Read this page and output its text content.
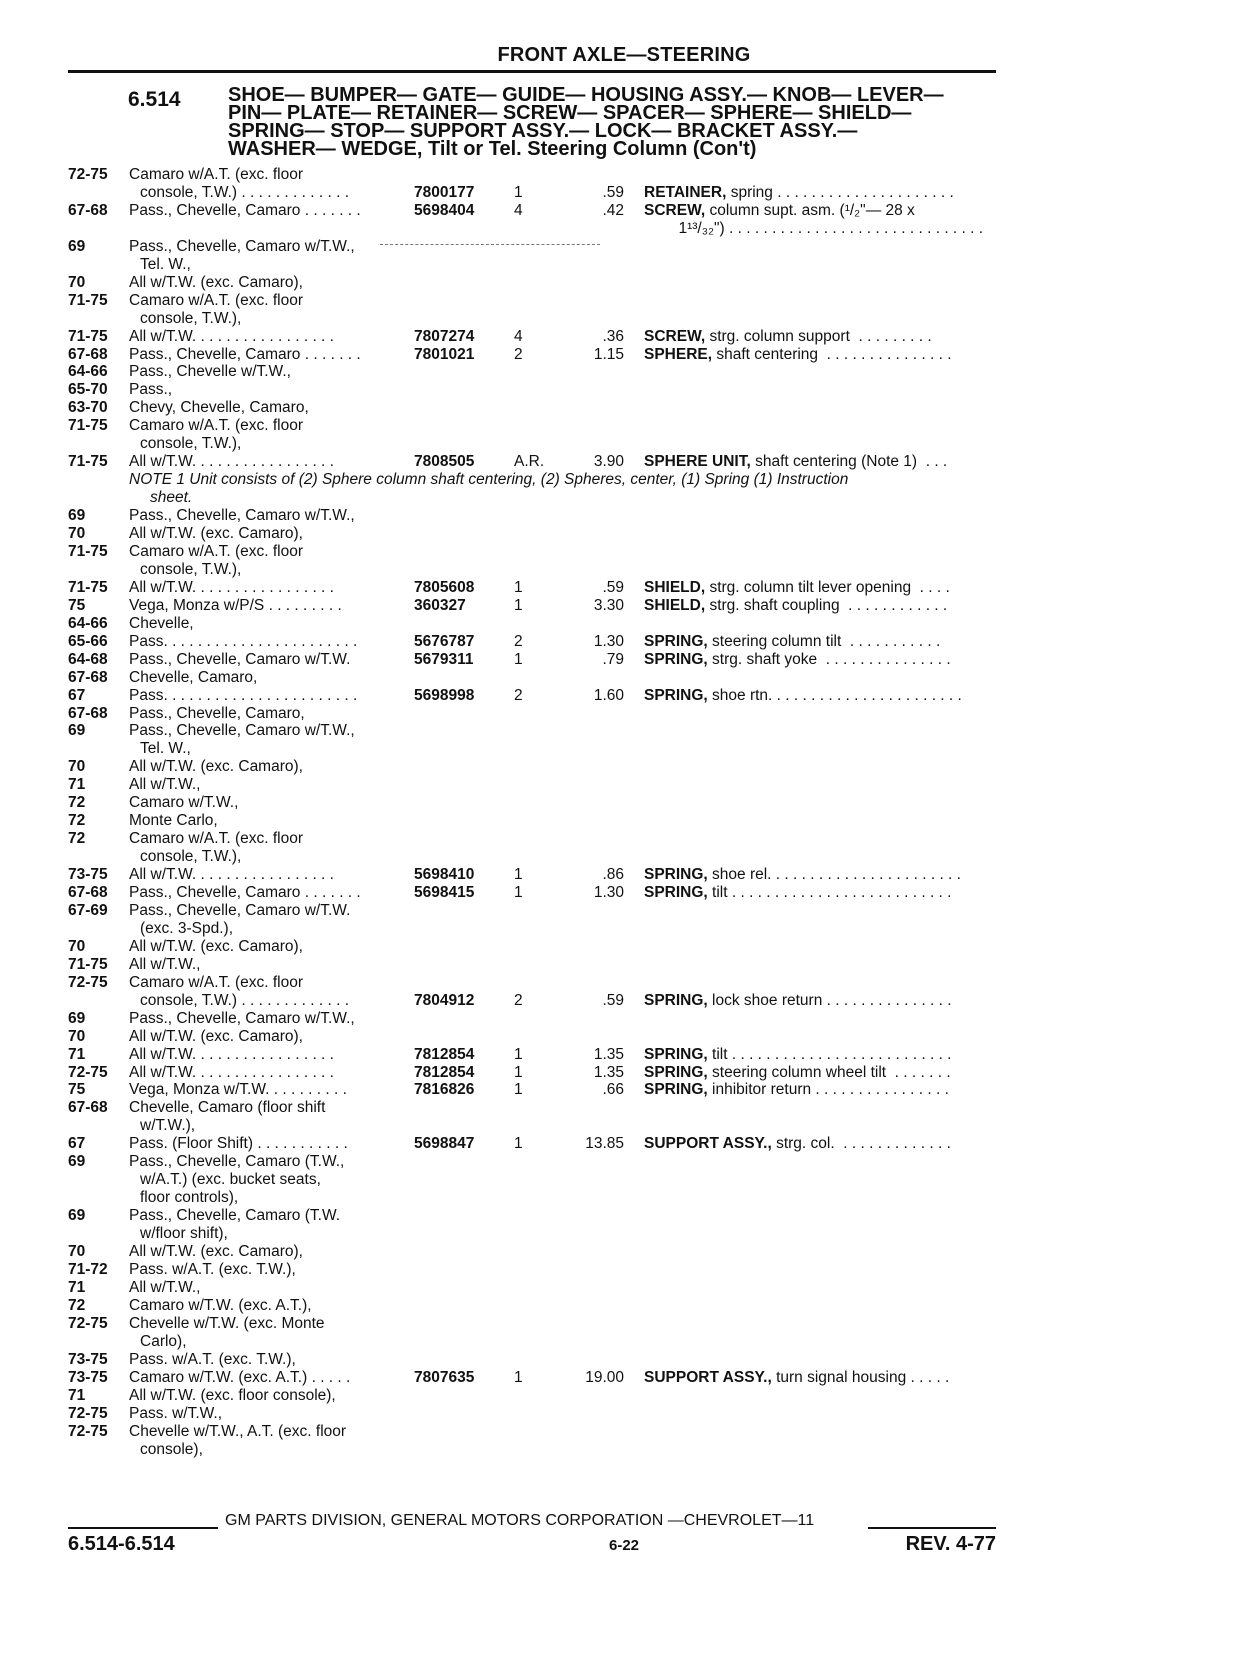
FRONT AXLE—STEERING
6.514 SHOE— BUMPER— GATE— GUIDE— HOUSING ASSY.— KNOB— LEVER—
PIN— PLATE— RETAINER— SCREW— SPACER— SPHERE— SHIELD—
SPRING— STOP— SUPPORT ASSY.— LOCK— BRACKET ASSY.—
WASHER— WEDGE, Tilt or Tel. Steering Column (Con't)
72-75	Camaro w/A.T. (exc. floor
console, T.W.) . . . . . . . . . . . . .	7800177	1	.59 RETAINER, spring . . . . . . . . . . . . . . . . . . . . .
67-68	Pass., Chevelle, Camaro . . . . . . .	5698404	4	.42 SCREW, column supt. asm. (¹/₂"— 28 x
1¹³/₃₂") . . . . . . . . . . . . . . . . . . . . . . . . . . . . . .
69	Pass., Chevelle, Camaro w/T.W.,
Tel. W.,
70	All w/T.W. (exc. Camaro),
71-75	Camaro w/A.T. (exc. floor
console, T.W.),
71-75	All w/T.W. . . . . . . . . . . . . . . . .	7807274	4	.36 SCREW, strg. column support  . . . . . . . . .
67-68	Pass., Chevelle, Camaro . . . . . . .	7801021	2	1.15 SPHERE, shaft centering  . . . . . . . . . . . . . . .
64-66	Pass., Chevelle w/T.W.,
65-70	Pass.,
63-70	Chevy, Chevelle, Camaro,
71-75	Camaro w/A.T. (exc. floor
console, T.W.),
71-75	All w/T.W. . . . . . . . . . . . . . . . .	7808505	A.R.	3.90 SPHERE UNIT, shaft centering (Note 1)  . . .
NOTE 1 Unit consists of (2) Sphere column shaft centering, (2) Spheres, center, (1) Spring (1) Instruction
sheet.
69	Pass., Chevelle, Camaro w/T.W.,
70	All w/T.W. (exc. Camaro),
71-75	Camaro w/A.T. (exc. floor
console, T.W.),
71-75	All w/T.W. . . . . . . . . . . . . . . . .	7805608	1	.59 SHIELD, strg. column tilt lever opening  . . . .
75	Vega, Monza w/P/S . . . . . . . . .	360327	1	3.30 SHIELD, strg. shaft coupling  . . . . . . . . . . . .
64-66	Chevelle,
65-66	Pass. . . . . . . . . . . . . . . . . . . . . . .	5676787	2	1.30 SPRING, steering column tilt  . . . . . . . . . . .
64-68	Pass., Chevelle, Camaro w/T.W.	5679311	1	.79 SPRING, strg. shaft yoke  . . . . . . . . . . . . . . .
67-68	Chevelle, Camaro,
67	Pass. . . . . . . . . . . . . . . . . . . . . . .	5698998	2	1.60 SPRING, shoe rtn. . . . . . . . . . . . . . . . . . . . . . .
67-68	Pass., Chevelle, Camaro,
69	Pass., Chevelle, Camaro w/T.W.,
Tel. W.,
70	All w/T.W. (exc. Camaro),
71	All w/T.W.,
72	Camaro w/T.W.,
72	Monte Carlo,
72	Camaro w/A.T. (exc. floor
console, T.W.),
73-75	All w/T.W. . . . . . . . . . . . . . . . .	5698410	1	.86 SPRING, shoe rel. . . . . . . . . . . . . . . . . . . . . . .
67-68	Pass., Chevelle, Camaro . . . . . . .	5698415	1	1.30 SPRING, tilt . . . . . . . . . . . . . . . . . . . . . . . . . .
67-69	Pass., Chevelle, Camaro w/T.W.
(exc. 3-Spd.),
70	All w/T.W. (exc. Camaro),
71-75	All w/T.W.,
72-75	Camaro w/A.T. (exc. floor
console, T.W.) . . . . . . . . . . . . .	7804912	2	.59 SPRING, lock shoe return . . . . . . . . . . . . . . .
69	Pass., Chevelle, Camaro w/T.W.,
70	All w/T.W. (exc. Camaro),
71	All w/T.W. . . . . . . . . . . . . . . . .	7812854	1	1.35 SPRING, tilt . . . . . . . . . . . . . . . . . . . . . . . . . .
72-75	All w/T.W. . . . . . . . . . . . . . . . .	7812854	1	1.35 SPRING, steering column wheel tilt  . . . . . . .
75	Vega, Monza w/T.W. . . . . . . . . .	7816826	1	.66 SPRING, inhibitor return . . . . . . . . . . . . . . . .
67-68	Chevelle, Camaro (floor shift
w/T.W.),
67	Pass. (Floor Shift) . . . . . . . . . . .	5698847	1	13.85 SUPPORT ASSY., strg. col.  . . . . . . . . . . . . .
69	Pass., Chevelle, Camaro (T.W.,
w/A.T.) (exc. bucket seats,
floor controls),
69	Pass., Chevelle, Camaro (T.W.
w/floor shift),
70	All w/T.W. (exc. Camaro),
71-72	Pass. w/A.T. (exc. T.W.),
71	All w/T.W.,
72	Camaro w/T.W. (exc. A.T.),
72-75	Chevelle w/T.W. (exc. Monte
Carlo),
73-75	Pass. w/A.T. (exc. T.W.),
73-75	Camaro w/T.W. (exc. A.T.) . . . . .	7807635	1	19.00 SUPPORT ASSY., turn signal housing . . . . .
71	All w/T.W. (exc. floor console),
72-75	Pass. w/T.W.,
72-75	Chevelle w/T.W., A.T. (exc. floor
console),
GM PARTS DIVISION, GENERAL MOTORS CORPORATION —CHEVROLET—11
6.514-6.514	6-22	REV. 4-77
